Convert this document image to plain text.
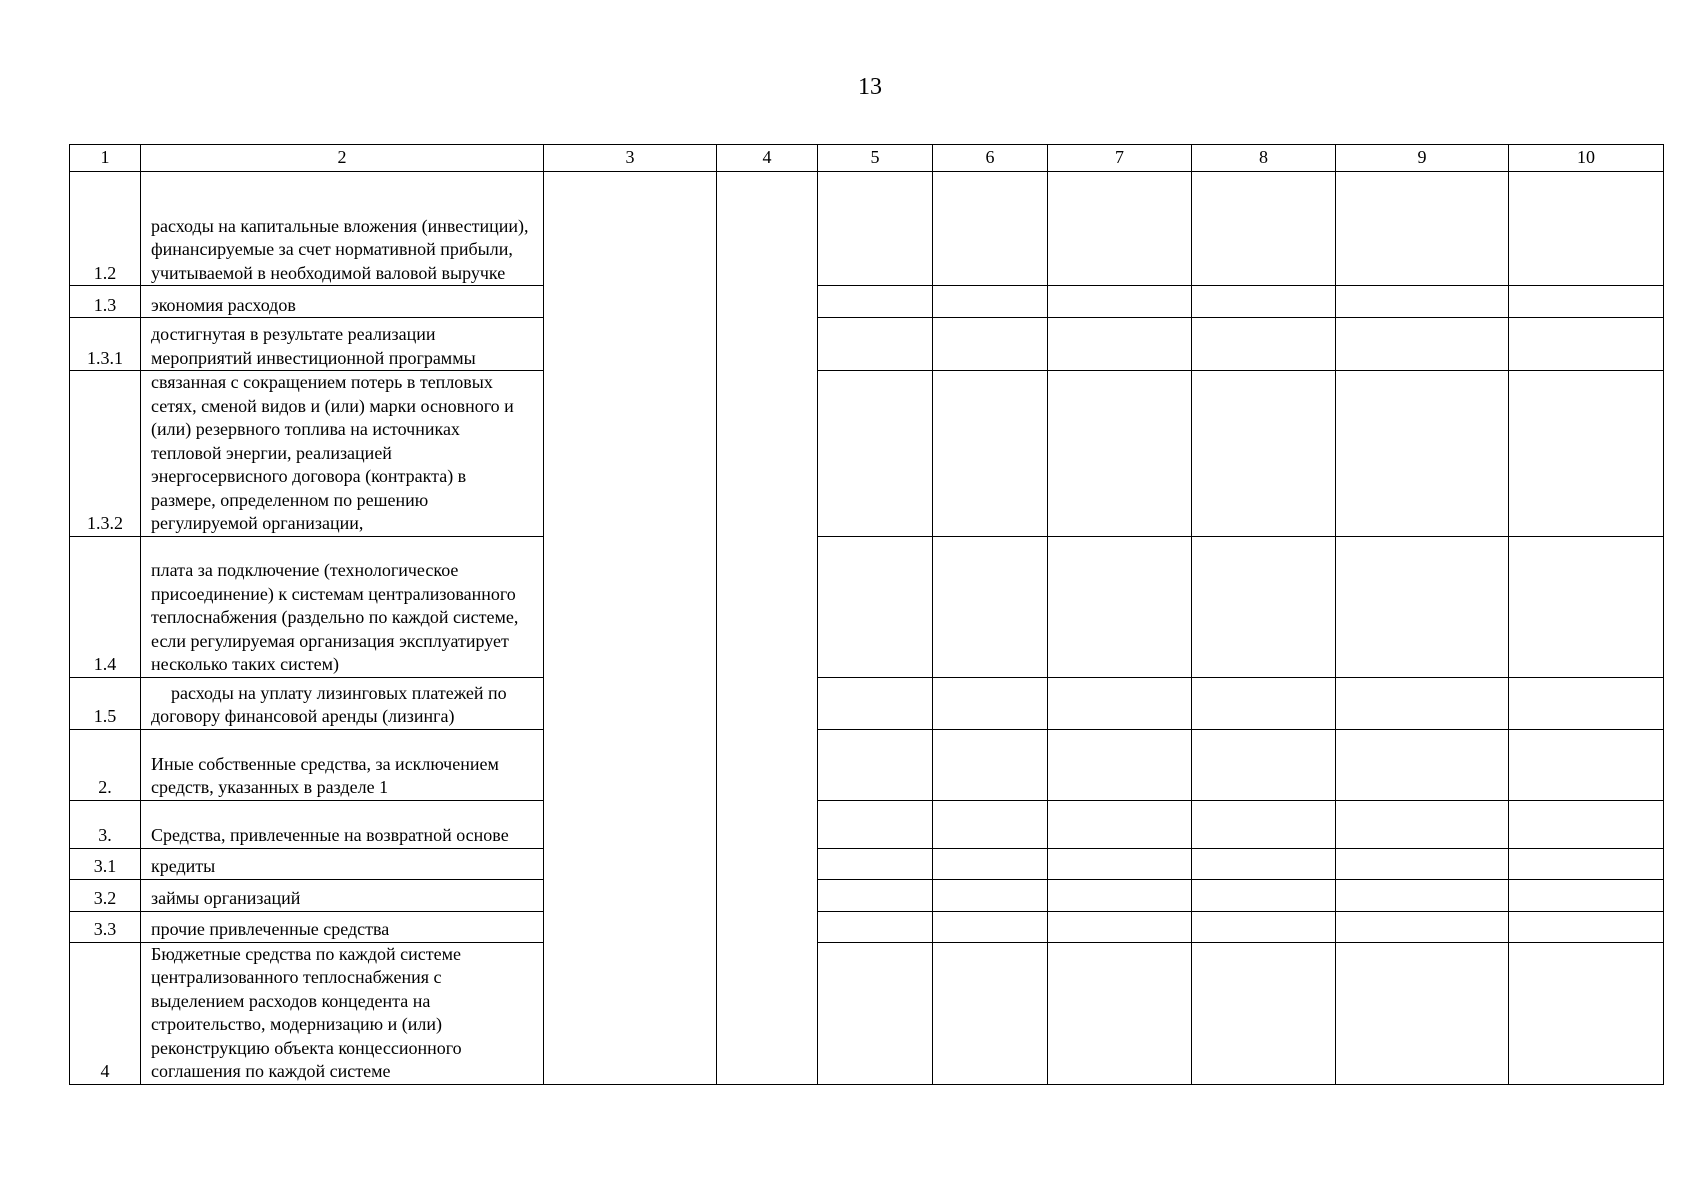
13
1	2	3	4	5	6	7	8	9	10
1.2	расходы на капитальные вложения (инвестиции), финансируемые за счет нормативной прибыли, учитываемой в необходимой валовой выручке								
1.3	экономия расходов								
1.3.1	достигнутая в результате реализации мероприятий инвестиционной программы								
1.3.2	связанная с сокращением потерь в тепловых сетях, сменой видов и (или) марки основного и (или) резервного топлива на источниках тепловой энергии, реализацией энергосервисного договора (контракта) в размере, определенном по решению регулируемой организации,								
1.4	плата за подключение (технологическое присоединение) к системам централизованного теплоснабжения (раздельно по каждой системе, если регулируемая организация эксплуатирует несколько таких систем)								
1.5	расходы на уплату лизинговых платежей по договору финансовой аренды (лизинга)								
2.	Иные собственные средства, за исключением средств, указанных в разделе 1								
3.	Средства, привлеченные на возвратной основе								
3.1	кредиты								
3.2	займы организаций								
3.3	прочие привлеченные средства								
4	Бюджетные средства по каждой системе централизованного теплоснабжения с выделением расходов концедента на строительство, модернизацию и (или) реконструкцию объекта концессионного соглашения по каждой системе								
